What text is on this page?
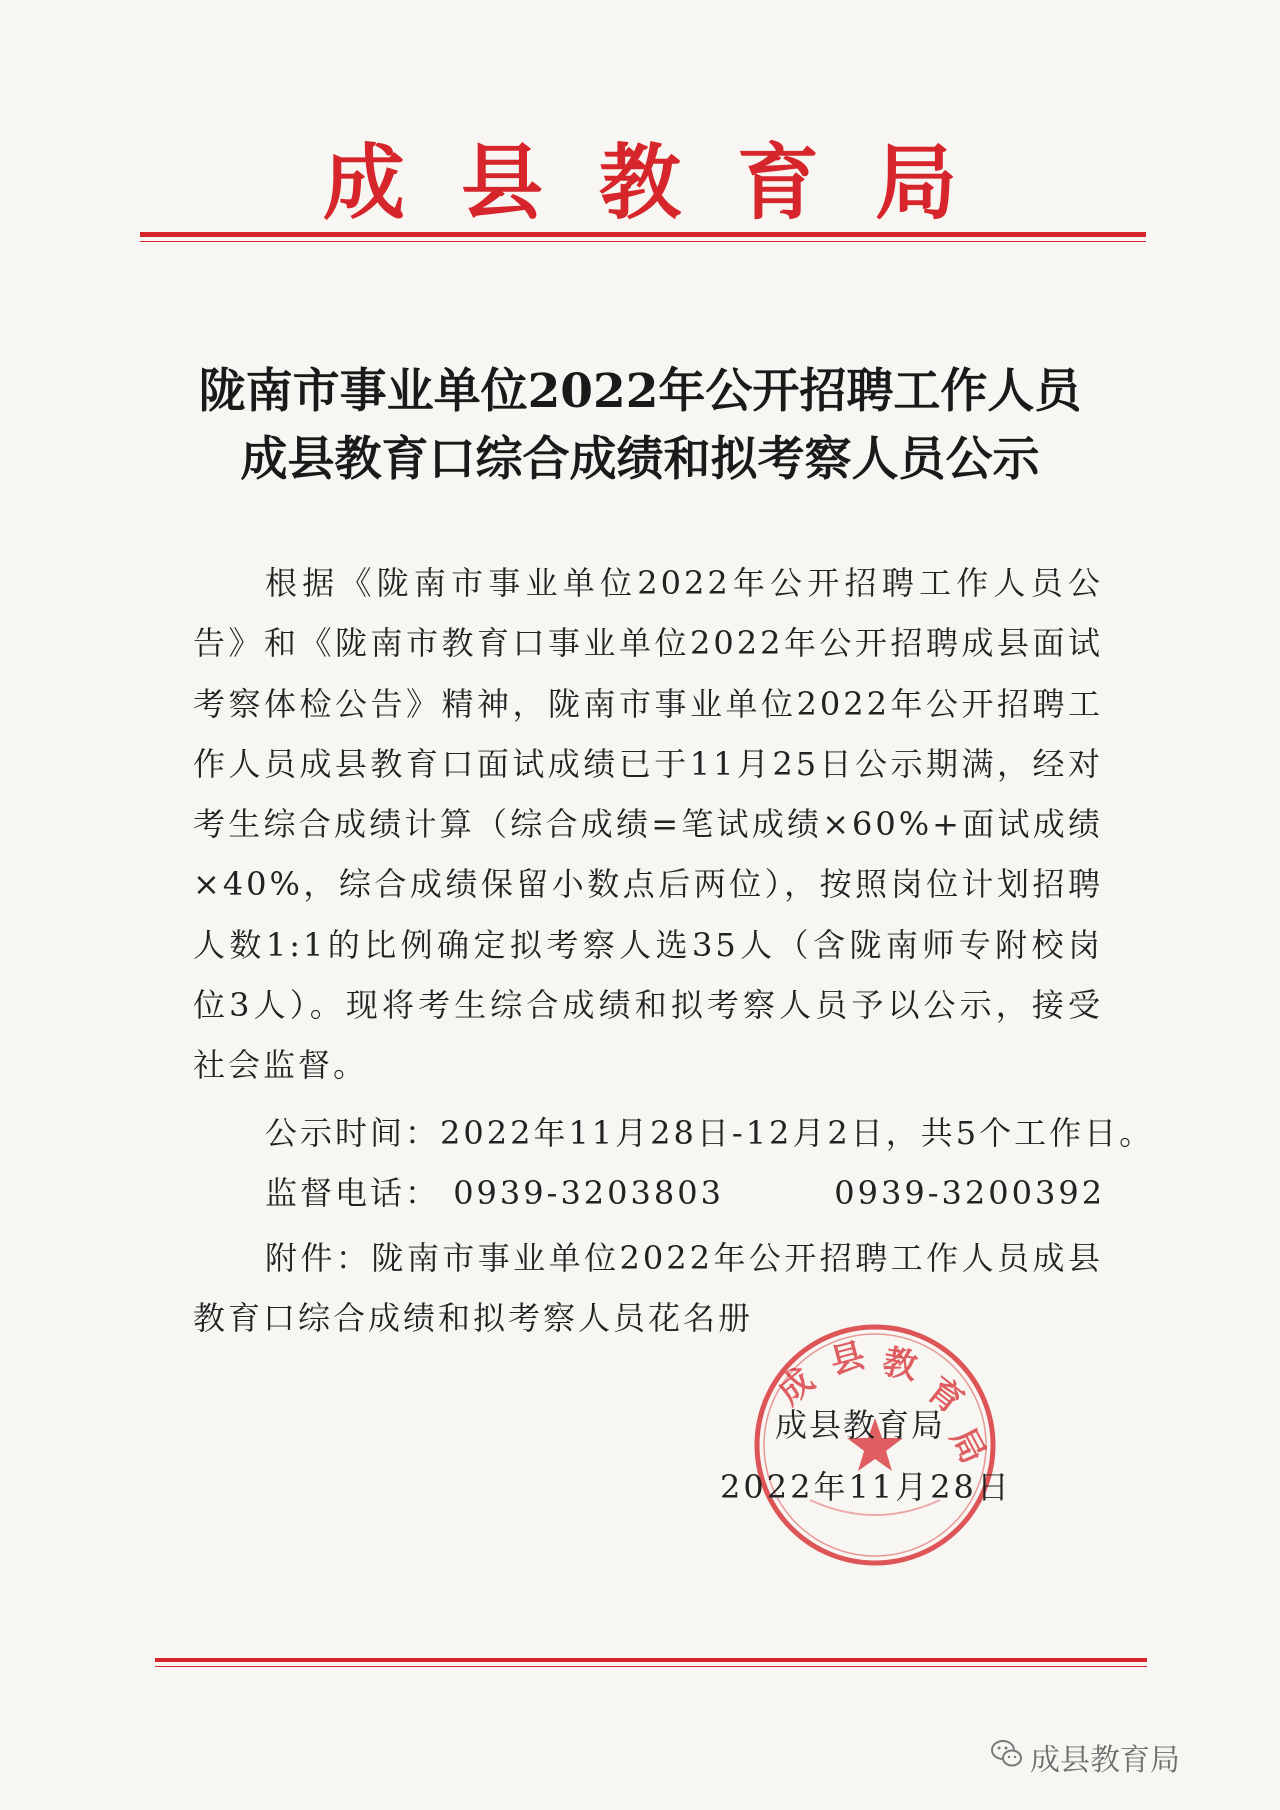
成县教育局
陇南市事业单位2022年公开招聘工作人员
成县教育口综合成绩和拟考察人员公示
根据《陇南市事业单位2022年公开招聘工作人员公告》和《陇南市教育口事业单位2022年公开招聘成县面试考察体检公告》精神，陇南市事业单位2022年公开招聘工作人员成县教育口面试成绩已于11月25日公示期满，经对考生综合成绩计算（综合成绩=笔试成绩×60%+面试成绩×40%，综合成绩保留小数点后两位），按照岗位计划招聘人数1:1的比例确定拟考察人选35人（含陇南师专附校岗位3人）。现将考生综合成绩和拟考察人员予以公示，接受社会监督。
公示时间：2022年11月28日-12月2日，共5个工作日。
监督电话： 0939-3203803	0939-3200392
附件：陇南市事业单位2022年公开招聘工作人员成县教育口综合成绩和拟考察人员花名册
成
县 教
育
局
成县教育局
2022年11月28日
成县教育局
